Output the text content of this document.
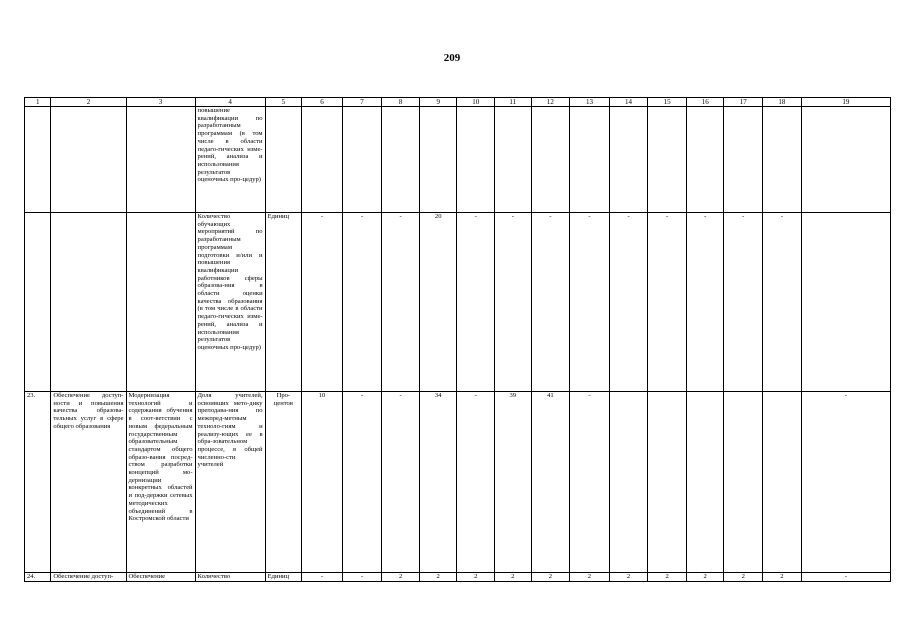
209
1	2	3	4	5	6	7	8	9	10	11	12	13	14	15	16	17	18	19
			повышение квалификации по разработанным программам (в том числе в области педаго-гических изме-рений, анализа и использования результатов оценочных про-цедур)															
			Количество обучающих мероприятий по разработанным программам подготовки и/или и повышения квалификации работников сферы образова-ния в области оценки качества образования (в том числе в области педаго-гических изме-рений, анализа и использования результатов оценочных про-цедур)	Единиц	-	-	-	20	-	-	-	-	-	-	-	-	-	
23.	Обеспечение доступ-ности и повышения качества образова-тельных услуг в сфере общего образования	Модернизация технологий и содержания обучения в соот-ветствии с новым федеральным государственным образовательным стандартом общего образо-вания посред-ством разработки концепций мо-дернизации конкретных областей и под-держки сетевых методических объединений в Костромской области	Доля учителей, освоивших мето-дику преподава-ния по межпред-метным техноло-гиям и реализу-ющих ее в обра-зовательном процессе, в общей численно-сти учителей	Про-центов	10	-	-	34	-	39	41	-						-
24.	Обеспечение доступ-	Обеспечение	Количество	Единиц	-	-	2	2	2	2	2	2	2	2	2	2	2	-
